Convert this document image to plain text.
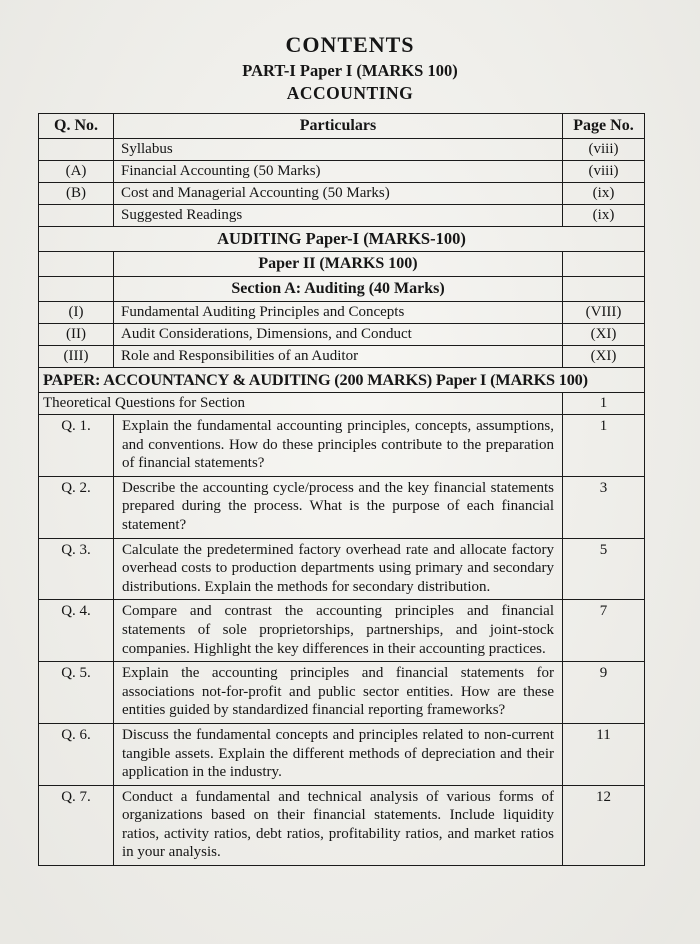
CONTENTS
PART-I Paper I (MARKS 100)
ACCOUNTING
Q. No.	Particulars	Page No.
	Syllabus	(viii)
(A)	Financial Accounting (50 Marks)	(viii)
(B)	Cost and Managerial Accounting (50 Marks)	(ix)
	Suggested Readings	(ix)
AUDITING Paper-I (MARKS-100)		
	Paper II (MARKS 100)	
	Section A: Auditing (40 Marks)	
(I)	Fundamental Auditing Principles and Concepts	(VIII)
(II)	Audit Considerations, Dimensions, and Conduct	(XI)
(III)	Role and Responsibilities of an Auditor	(XI)
PAPER: ACCOUNTANCY & AUDITING (200 MARKS) Paper I (MARKS 100)		
Theoretical Questions for Section		1
Q. 1.	Explain the fundamental accounting principles, concepts, assumptions, and conventions. How do these principles contribute to the preparation of financial statements?	1
Q. 2.	Describe the accounting cycle/process and the key financial statements prepared during the process. What is the purpose of each financial statement?	3
Q. 3.	Calculate the predetermined factory overhead rate and allocate factory overhead costs to production departments using primary and secondary distributions. Explain the methods for secondary distribution.	5
Q. 4.	Compare and contrast the accounting principles and financial statements of sole proprietorships, partnerships, and joint-stock companies. Highlight the key differences in their accounting practices.	7
Q. 5.	Explain the accounting principles and financial statements for associations not-for-profit and public sector entities. How are these entities guided by standardized financial reporting frameworks?	9
Q. 6.	Discuss the fundamental concepts and principles related to non-current tangible assets. Explain the different methods of depreciation and their application in the industry.	11
Q. 7.	Conduct a fundamental and technical analysis of various forms of organizations based on their financial statements. Include liquidity ratios, activity ratios, debt ratios, profitability ratios, and market ratios in your analysis.	12
